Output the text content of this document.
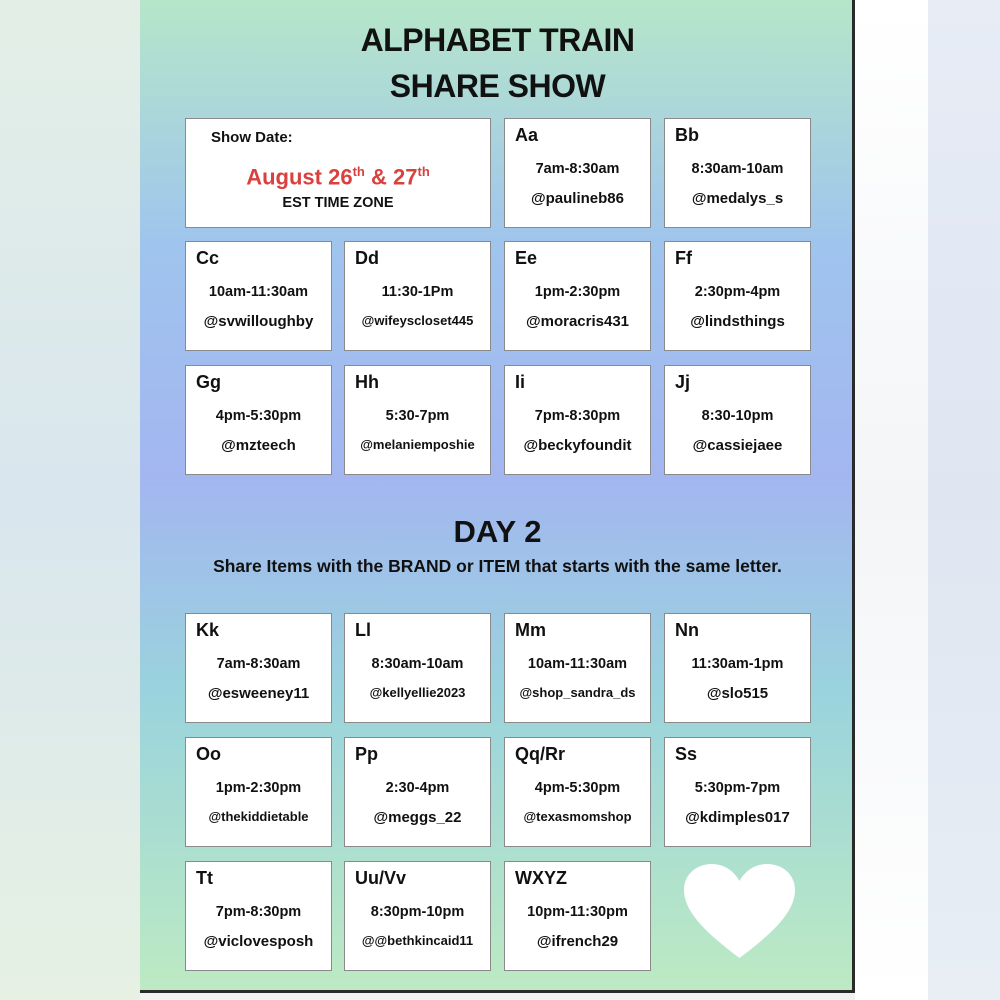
ALPHABET TRAIN
SHARE SHOW
Show Date:
August 26th & 27th
EST TIME ZONE
Aa
7am-8:30am
@paulineb86
Bb
8:30am-10am
@medalys_s
Cc
10am-11:30am
@svwilloughby
Dd
11:30-1Pm
@wifeyscloset445
Ee
1pm-2:30pm
@moracris431
Ff
2:30pm-4pm
@lindsthings
Gg
4pm-5:30pm
@mzteech
Hh
5:30-7pm
@melaniemposhie
Ii
7pm-8:30pm
@beckyfoundit
Jj
8:30-10pm
@cassiejaee
DAY 2
Share Items with the BRAND or ITEM that starts with the same letter.
Kk
7am-8:30am
@esweeney11
Ll
8:30am-10am
@kellyellie2023
Mm
10am-11:30am
@shop_sandra_ds
Nn
11:30am-1pm
@slo515
Oo
1pm-2:30pm
@thekiddietable
Pp
2:30-4pm
@meggs_22
Qq/Rr
4pm-5:30pm
@texasmomshop
Ss
5:30pm-7pm
@kdimples017
Tt
7pm-8:30pm
@viclovesposh
Uu/Vv
8:30pm-10pm
@@bethkincaid11
WXYZ
10pm-11:30pm
@ifrench29
